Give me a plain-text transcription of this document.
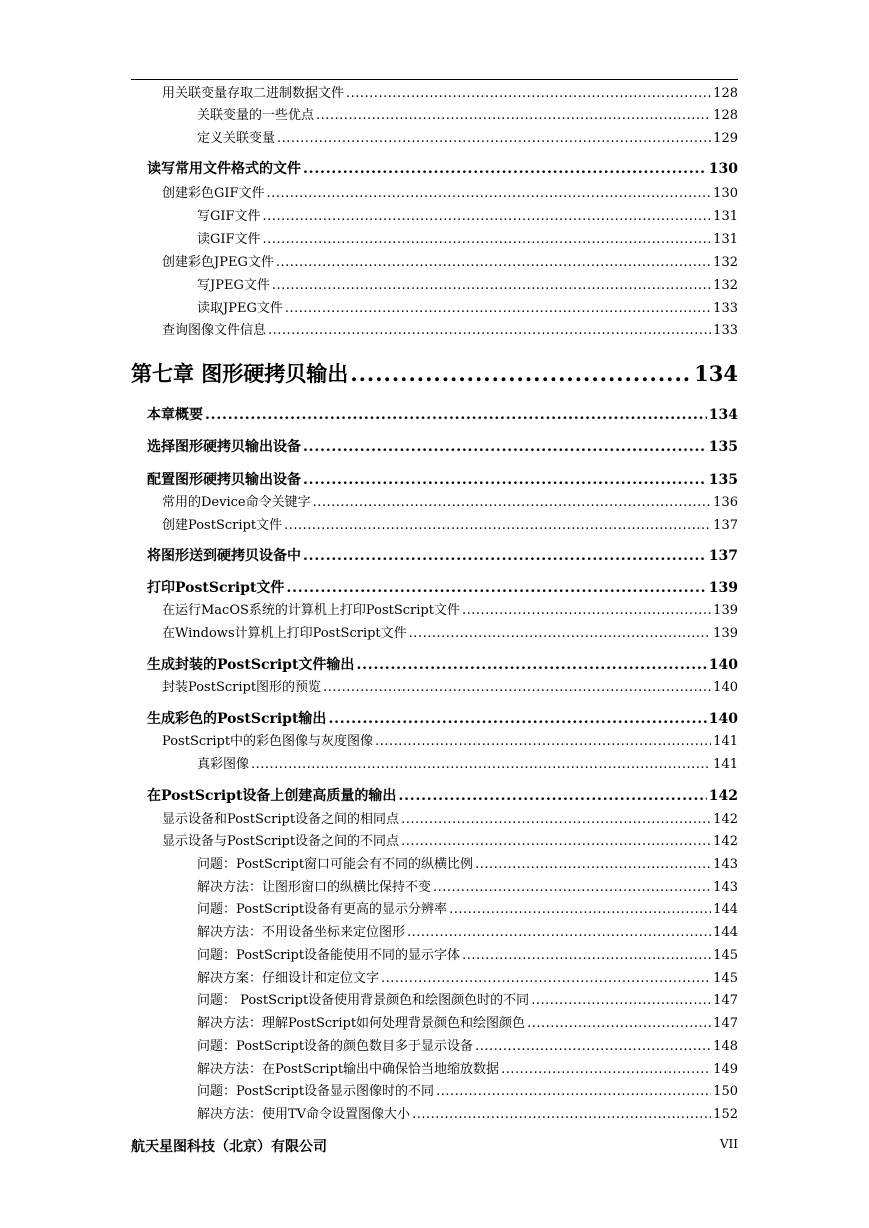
用关联变量存取二进制数据文件 .....	128
关联变量的一些优点 .....	128
定义关联变量 .....	129
读写常用文件格式的文件 .....	130
创建彩色GIF文件 .....	130
写GIF文件 .....	131
读GIF文件 .....	131
创建彩色JPEG文件 .....	132
写JPEG文件 .....	132
读取JPEG文件 .....	133
查询图像文件信息 .....	133
第七章 图形硬拷贝输出 .....	134
本章概要 .....	134
选择图形硬拷贝输出设备 .....	135
配置图形硬拷贝输出设备 .....	135
常用的Device命令关键字 .....	136
创建PostScript文件 .....	137
将图形送到硬拷贝设备中 .....	137
打印PostScript文件 .....	139
在运行MacOS系统的计算机上打印PostScript文件 .....	139
在Windows计算机上打印PostScript文件 .....	139
生成封装的PostScript文件输出 .....	140
封装PostScript图形的预览 .....	140
生成彩色的PostScript输出 .....	140
PostScript中的彩色图像与灰度图像 .....	141
真彩图像 .....	141
在PostScript设备上创建高质量的输出 .....	142
显示设备和PostScript设备之间的相同点 .....	142
显示设备与PostScript设备之间的不同点 .....	142
问题：PostScript窗口可能会有不同的纵横比例 .....	143
解决方法：让图形窗口的纵横比保持不变 .....	143
问题：PostScript设备有更高的显示分辨率 .....	144
解决方法：不用设备坐标来定位图形 .....	144
问题：PostScript设备能使用不同的显示字体 .....	145
解决方案：仔细设计和定位文字 .....	145
问题： PostScript设备使用背景颜色和绘图颜色时的不同 .....	147
解决方法：理解PostScript如何处理背景颜色和绘图颜色 .....	147
问题：PostScript设备的颜色数目多于显示设备 .....	148
解决方法：在PostScript输出中确保恰当地缩放数据 .....	149
问题：PostScript设备显示图像时的不同 .....	150
解决方法：使用TV命令设置图像大小 .....	152
航天星图科技（北京）有限公司	VII
